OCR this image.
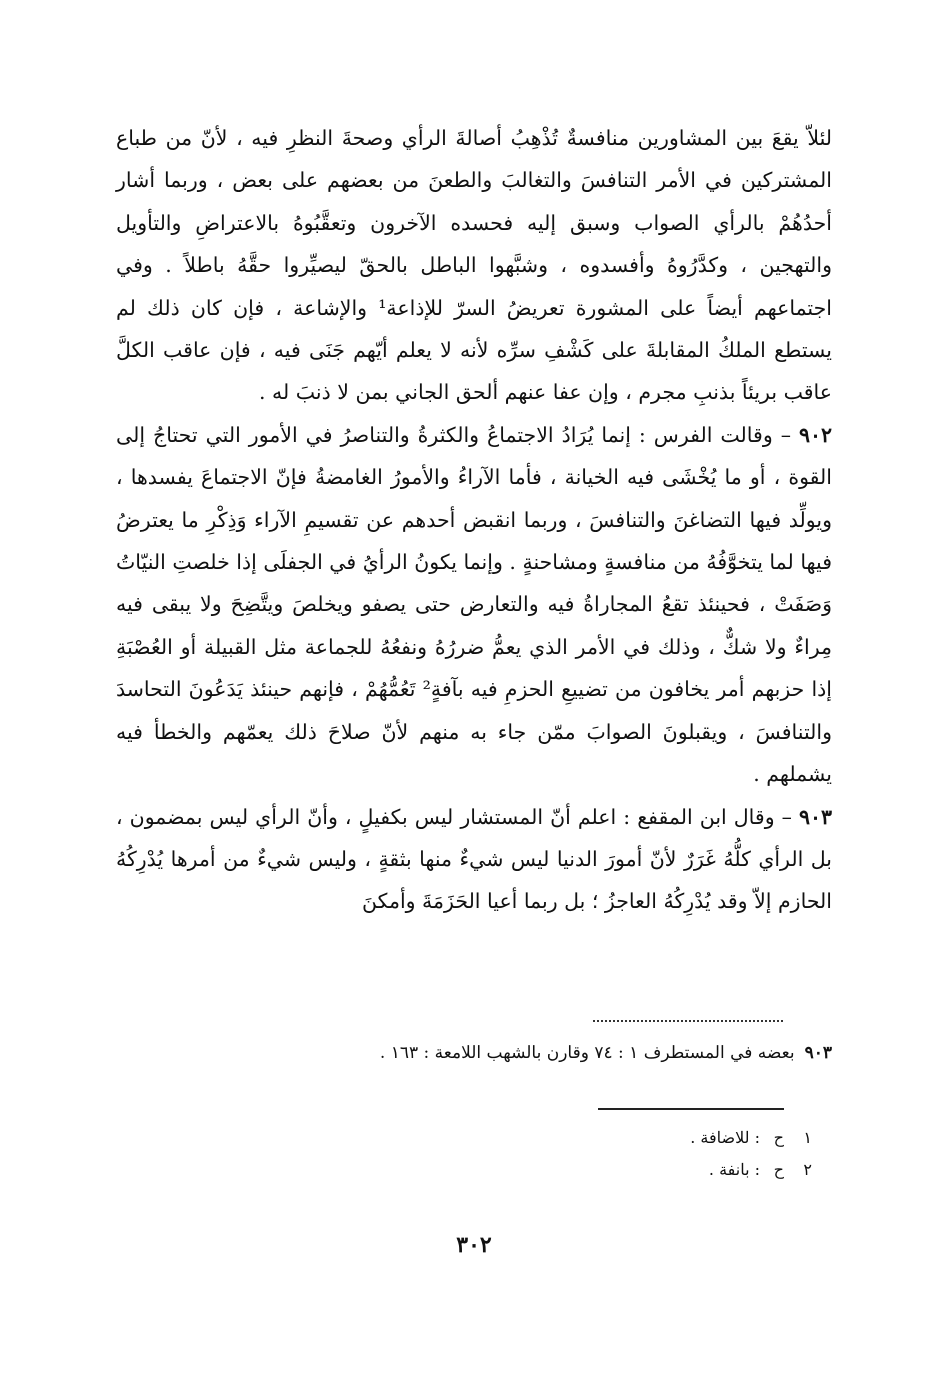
لئلاّ يقعَ بين المشاورين منافسةٌ تُذْهِبُ أصالةَ الرأي وصحةَ النظرِ فيه ، لأنّ من طباع المشتركين في الأمر التنافسَ والتغالبَ والطعنَ من بعضهم على بعض ، وربما أشار أحدُهُمْ بالرأي الصواب وسبق إليه فحسده الآخرون وتعقَّبُوهُ بالاعتراضِ والتأويل والتهجين ، وكدَّرُوهُ وأفسدوه ، وشبَّهوا الباطل بالحقّ ليصيِّروا حقَّهُ باطلاً . وفي اجتماعهم أيضاً على المشورة تعريضُ السرّ للإذاعة¹ والإشاعة ، فإن كان ذلك لم يستطع الملكُ المقابلةَ على كَشْفِ سرِّه لأنه لا يعلم أيّهم جَنَى فيه ، فإن عاقب الكلَّ عاقب بريئاً بذنبِ مجرم ، وإن عفا عنهم ألحق الجاني بمن لا ذنبَ له .

٩٠٢ – وقالت الفرس : إنما يُرَادُ الاجتماعُ والكثرةُ والتناصرُ في الأمور التي تحتاجُ إلى القوة ، أو ما يُخْشَى فيه الخيانة ، فأما الآراءُ والأمورُ الغامضةُ فإنّ الاجتماعَ يفسدها ، ويولِّد فيها التضاغنَ والتنافسَ ، وربما انقبض أحدهم عن تقسيمِ الآراء وَذِكْرِ ما يعترضُ فيها لما يتخوَّفُهُ من منافسةٍ ومشاحنةٍ . وإنما يكونُ الرأيُ في الجفلَى إذا خلصتِ النيّاتُ وَصَفَتْ ، فحينئذ تقعُ المجاراةُ فيه والتعارض حتى يصفو ويخلصَ ويتَّضِحَ ولا يبقى فيه مِراءٌ ولا شكٌّ ، وذلك في الأمر الذي يعمُّ ضررُهُ ونفعُهُ للجماعة مثل القبيلة أو العُصْبَةِ إذا حزبهم أمر يخافون من تضييعِ الحزمِ فيه بآفةٍ² تَعُمُّهُمْ ، فإنهم حينئذ يَدَعُونَ التحاسدَ والتنافسَ ، ويقبلونَ الصوابَ ممّن جاء به منهم لأنّ صلاحَ ذلك يعمّهم والخطأ فيه يشملهم .

٩٠٣ – وقال ابن المقفع : اعلم أنّ المستشار ليس بكفيلٍ ، وأنّ الرأي ليس بمضمون ، بل الرأي كلُّهُ غَرَرٌ لأنّ أمورَ الدنيا ليس شيءٌ منها بثقةٍ ، وليس شيءٌ من أمرها يُدْرِكُهُ الحازم إلاّ وقد يُدْرِكُهُ العاجزُ ؛ بل ربما أعيا الحَزَمَةَ وأمكنَ

٩٠٣بعضه في المستطرف ١ : ٧٤ وقارن بالشهب اللامعة : ١٦٣ .
١ح: للاضافة .
٢ح: بانفة .
٣٠٢
